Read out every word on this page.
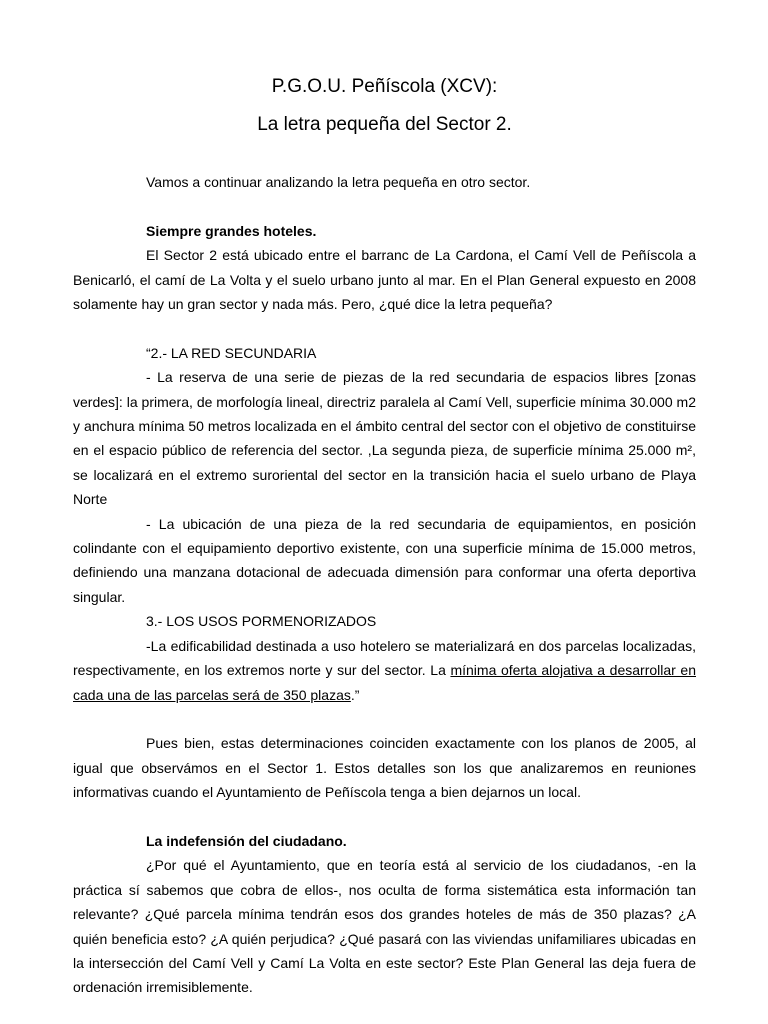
P.G.O.U. Peñíscola (XCV):

La letra pequeña del Sector 2.

Vamos a continuar analizando la letra pequeña en otro sector.

Siempre grandes hoteles.

El Sector 2 está ubicado entre el barranc de La Cardona, el Camí Vell de Peñíscola a Benicarló, el camí de La Volta y el suelo urbano junto al mar. En el Plan General expuesto en 2008 solamente hay un gran sector y nada más. Pero, ¿qué dice la letra pequeña?

“2.- LA RED SECUNDARIA

- La reserva de una serie de piezas de la red secundaria de espacios libres [zonas verdes]: la primera, de morfología lineal, directriz paralela al Camí Vell, superficie mínima 30.000 m2 y anchura mínima 50 metros localizada en el ámbito central del sector con el objetivo de constituirse en el espacio público de referencia del sector. ,La segunda pieza, de superficie mínima 25.000 m², se localizará en el extremo suroriental del sector en la transición hacia el suelo urbano de Playa Norte

- La ubicación de una pieza de la red secundaria de equipamientos, en posición colindante con el equipamiento deportivo existente, con una superficie mínima de 15.000 metros, definiendo una manzana dotacional de adecuada dimensión para conformar una oferta deportiva singular.

3.- LOS USOS PORMENORIZADOS

-La edificabilidad destinada a uso hotelero se materializará en dos parcelas localizadas, respectivamente, en los extremos norte y sur del sector. La mínima oferta alojativa a desarrollar en cada una de las parcelas será de 350 plazas.”

Pues bien, estas determinaciones coinciden exactamente con los planos de 2005, al igual que observámos en el Sector 1. Estos detalles son los que analizaremos en reuniones informativas cuando el Ayuntamiento de Peñíscola tenga a bien dejarnos un local.

La indefensión del ciudadano.

¿Por qué el Ayuntamiento, que en teoría está al servicio de los ciudadanos, -en la práctica sí sabemos que cobra de ellos-, nos oculta de forma sistemática esta información tan relevante? ¿Qué parcela mínima tendrán esos dos grandes hoteles de más de 350 plazas? ¿A quién beneficia esto? ¿A quién perjudica? ¿Qué pasará con las viviendas unifamiliares ubicadas en la intersección del Camí Vell y Camí La Volta en este sector? Este Plan General las deja fuera de ordenación irremisiblemente.
